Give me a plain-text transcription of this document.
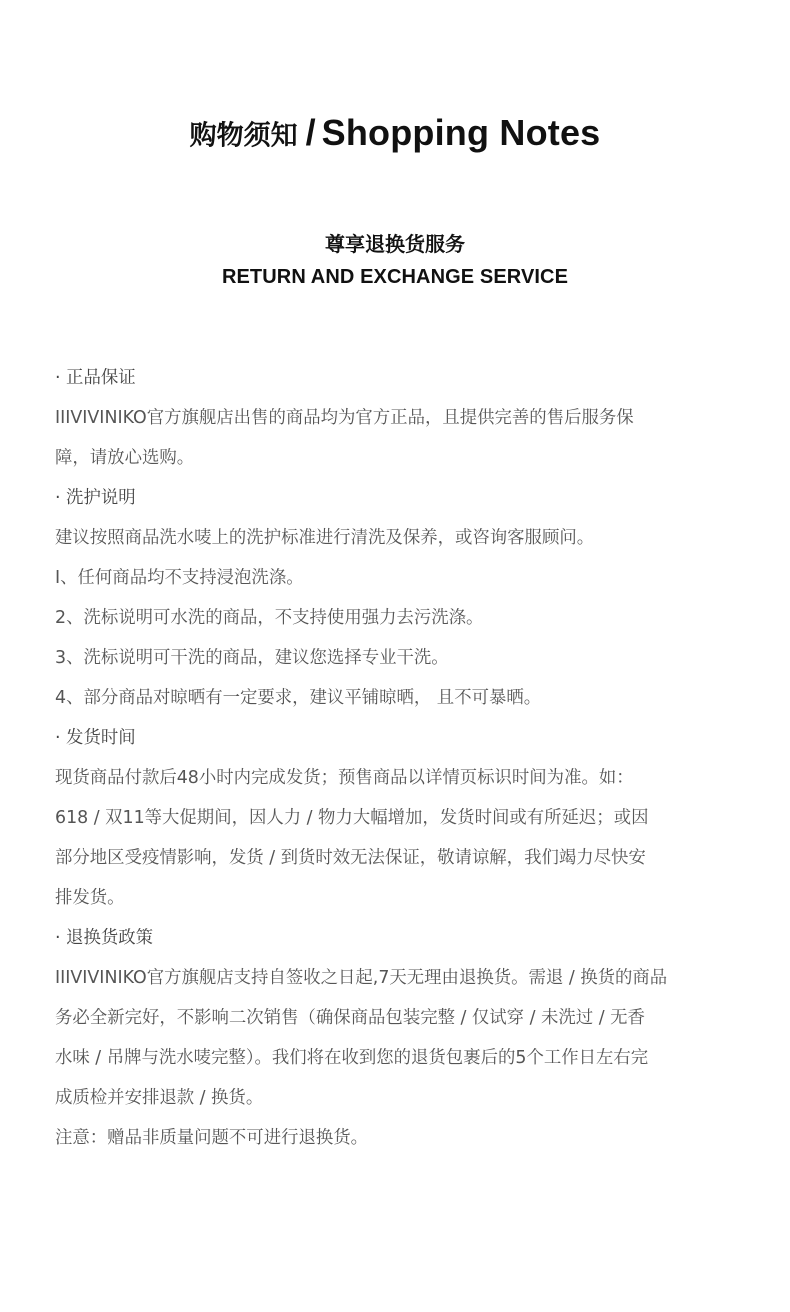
购物须知 / Shopping Notes
尊享退换货服务
RETURN AND EXCHANGE SERVICE
· 正品保证
IIIVIVINIKO官方旗舰店出售的商品均为官方正品，且提供完善的售后服务保
障，请放心选购。
· 洗护说明
建议按照商品洗水唛上的洗护标准进行清洗及保养，或咨询客服顾问。
I、任何商品均不支持浸泡洗涤。
2、洗标说明可水洗的商品，不支持使用强力去污洗涤。
3、洗标说明可干洗的商品，建议您选择专业干洗。
4、部分商品对晾晒有一定要求，建议平铺晾晒， 且不可暴晒。
· 发货时间
现货商品付款后48小时内完成发货；预售商品以详情页标识时间为准。如：
618 / 双11等大促期间，因人力 / 物力大幅增加，发货时间或有所延迟；或因
部分地区受疫情影响，发货 / 到货时效无法保证，敬请谅解，我们竭力尽快安
排发货。
· 退换货政策
IIIVIVINIKO官方旗舰店支持自签收之日起,7天无理由退换货。需退 / 换货的商品
务必全新完好，不影响二次销售（确保商品包装完整 / 仅试穿 / 未洗过 / 无香
水味 / 吊牌与洗水唛完整）。我们将在收到您的退货包裹后的5个工作日左右完
成质检并安排退款 / 换货。
注意：赠品非质量问题不可进行退换货。
